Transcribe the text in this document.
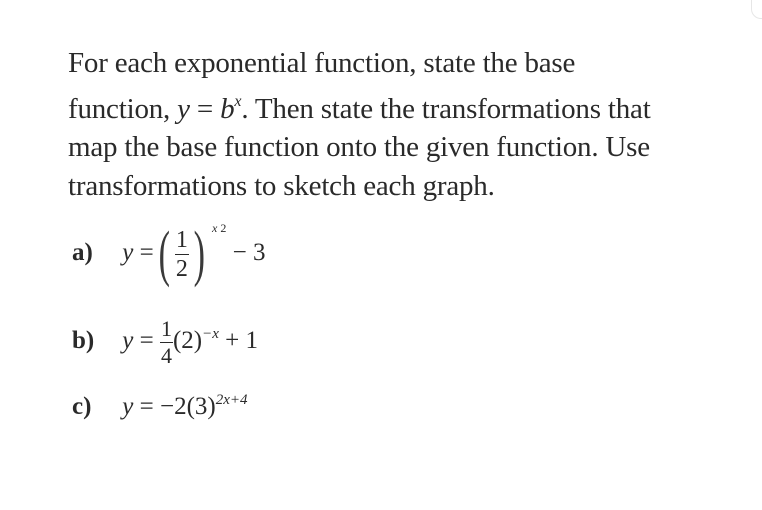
For each exponential function, state the base
function, $y = b^x$. Then state the transformations that
map the base function onto the given function. Use
transformations to sketch each graph.
a) y = ( $\frac{1}{2}$ ) x 2 − 3
b) $y = \frac{1}{4} (2)^{-x} + 1$
c) $y = -2(3)^{2x+4}$
